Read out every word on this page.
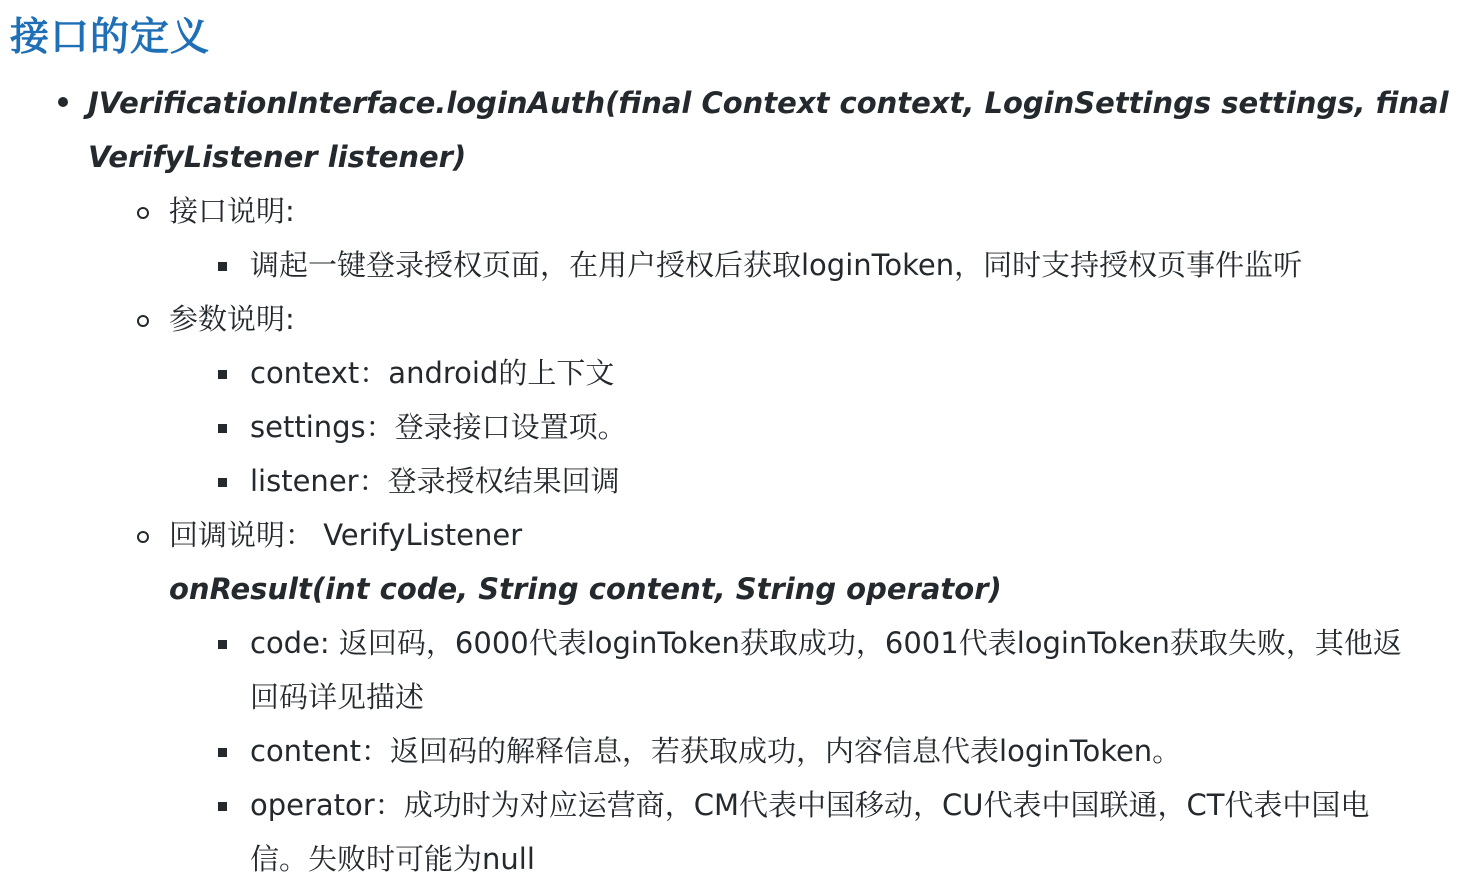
接口的定义

JVerificationInterface.loginAuth(final Context context, LoginSettings settings, final

VerifyListener listener)

接口说明:

调起一键登录授权页面，在用户授权后获取loginToken，同时支持授权页事件监听

参数说明:

context：android的上下文

settings：登录接口设置项。

listener：登录授权结果回调

回调说明： VerifyListener

onResult(int code, String content, String operator)

code: 返回码，6000代表loginToken获取成功，6001代表loginToken获取失败，其他返

回码详见描述

content：返回码的解释信息，若获取成功，内容信息代表loginToken。

operator：成功时为对应运营商，CM代表中国移动，CU代表中国联通，CT代表中国电

信。失败时可能为null
